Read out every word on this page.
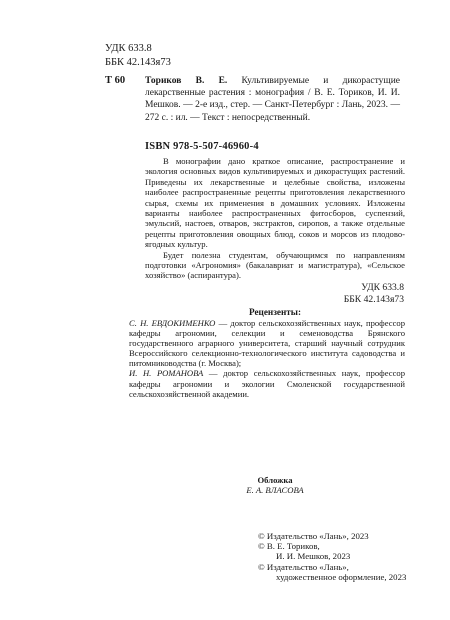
УДК 633.8
ББК 42.143я73
Т 60 Ториков В. Е. Культивируемые и дикорастущие лекарственные растения : монография / В. Е. Ториков, И. И. Мешков. — 2-е изд., стер. — Санкт-Петербург : Лань, 2023. — 272 с. : ил. — Текст : непосредственный.
ISBN 978-5-507-46960-4

В монографии дано краткое описание, распространение и экология основных видов культивируемых и дикорастущих растений. Приведены их лекарственные и целебные свойства, изложены наиболее распространенные рецепты приготовления лекарственного сырья, схемы их применения в домашних условиях. Изложены варианты наиболее распространенных фитосборов, суспензий, эмульсий, настоев, отваров, экстрактов, сиропов, а также отдельные рецепты приготовления овощных блюд, соков и морсов из плодово-ягодных культур.

Будет полезна студентам, обучающимся по направлениям подготовки «Агрономия» (бакалавриат и магистратура), «Сельское хозяйство» (аспирантура).

УДК 633.8
ББК 42.143я73
Рецензенты:

С. Н. ЕВДОКИМЕНКО — доктор сельскохозяйственных наук, профессор кафедры агрономии, селекции и семеноводства Брянского государственного аграрного университета, старший научный сотрудник Всероссийского селекционно-технологического института садоводства и питомниководства (г. Москва);

И. Н. РОМАНОВА — доктор сельскохозяйственных наук, профессор кафедры агрономии и экологии Смоленской государственной сельскохозяйственной академии.

Обложка
Е. А. ВЛАСОВА
© Издательство «Лань», 2023
© В. Е. Ториков,
И. И. Мешков, 2023
© Издательство «Лань»,
художественное оформление, 2023
